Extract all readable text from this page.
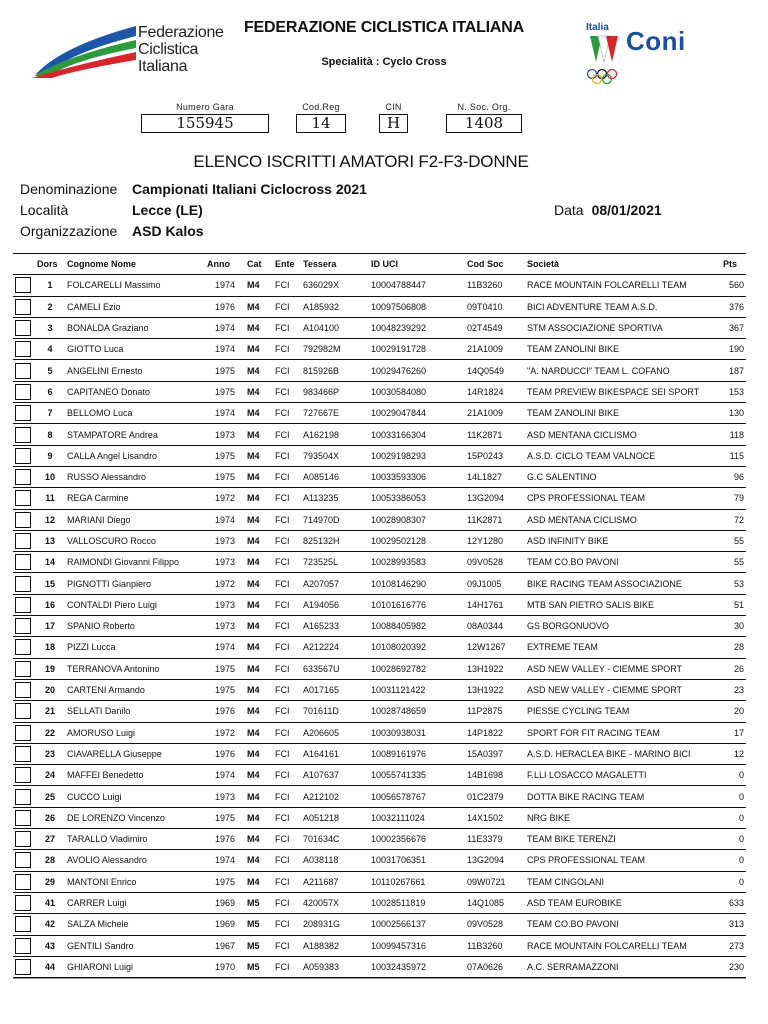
Federazione
Ciclistica
Italiana
FEDERAZIONE CICLISTICA ITALIANA
Specialità : Cyclo Cross
Italia Coni
Numero Gara
155945
Cod.Reg
14
CIN
H
N. Soc. Org.
1408
ELENCO ISCRITTI AMATORI F2-F3-DONNE
Denominazione Campionati Italiani Ciclocross 2021
Località	Lecce (LE)	Data 08/01/2021
Organizzazione ASD Kalos
	Dors	Cognome Nome	Anno	Cat	Ente	Tessera	ID UCI	Cod Soc	Società	Pts

	1	FOLCARELLI Massimo	1974	M4	FCI	636029X	10004788447	11B3260	RACE MOUNTAIN FOLCARELLI TEAM	560

	2	CAMELI Ezio	1976	M4	FCI	A185932	10097506808	09T0410	BICI ADVENTURE TEAM A.S.D.	376

	3	BONALDA Graziano	1974	M4	FCI	A104100	10048239292	02T4549	STM ASSOCIAZIONE SPORTIVA	367

	4	GIOTTO Luca	1974	M4	FCI	792982M	10029191728	21A1009	TEAM ZANOLINI BIKE	190

	5	ANGELINI Ernesto	1975	M4	FCI	815926B	10029476260	14Q0549	"A. NARDUCCI" TEAM L. COFANO	187

	6	CAPITANEO Donato	1975	M4	FCI	983466P	10030584080	14R1824	TEAM PREVIEW BIKESPACE SEI SPORT	153

	7	BELLOMO Luca	1974	M4	FCI	727667E	10029047844	21A1009	TEAM ZANOLINI BIKE	130

	8	STAMPATORE Andrea	1973	M4	FCI	A162198	10033166304	11K2871	ASD MENTANA CICLISMO	118

	9	CALLA Angel Lisandro	1975	M4	FCI	793504X	10029198293	15P0243	A.S.D. CICLO TEAM VALNOCE	115

	10	RUSSO Alessandro	1975	M4	FCI	A085146	10033593306	14L1827	G.C SALENTINO	96

	11	REGA Carmine	1972	M4	FCI	A113235	10053386053	13G2094	CPS PROFESSIONAL TEAM	79

	12	MARIANI Diego	1974	M4	FCI	714970D	10028908307	11K2871	ASD MENTANA CICLISMO	72

	13	VALLOSCURO Rocco	1973	M4	FCI	825132H	10029502128	12Y1280	ASD INFINITY BIKE	55

	14	RAIMONDI Giovanni Filippo	1973	M4	FCI	723525L	10028993583	09V0528	TEAM CO.BO PAVONI	55

	15	PIGNOTTI Gianpiero	1972	M4	FCI	A207057	10108146290	09J1005	BIKE RACING TEAM ASSOCIAZIONE	53

	16	CONTALDI Piero Luigi	1973	M4	FCI	A194056	10101616776	14H1761	MTB SAN PIETRO SALIS BIKE	51

	17	SPANIO Roberto	1973	M4	FCI	A165233	10088405982	08A0344	GS BORGONUOVO	30

	18	PIZZI Lucca	1974	M4	FCI	A212224	10108020392	12W1267	EXTREME TEAM	28

	19	TERRANOVA Antonino	1975	M4	FCI	633567U	10028692782	13H1922	ASD NEW VALLEY - CIEMME SPORT	26

	20	CARTENI Armando	1975	M4	FCI	A017165	10031121422	13H1922	ASD NEW VALLEY - CIEMME SPORT	23

	21	SELLATI Danilo	1976	M4	FCI	701611D	10028748659	11P2875	PIESSE CYCLING TEAM	20

	22	AMORUSO Luigi	1972	M4	FCI	A206605	10030938031	14P1822	SPORT FOR FIT RACING TEAM	17

	23	CIAVARELLA Giuseppe	1976	M4	FCI	A164161	10089161976	15A0397	A.S.D. HERACLEA BIKE - MARINO BICI	12

	24	MAFFEI Benedetto	1974	M4	FCI	A107637	10055741335	14B1698	F.LLI LOSACCO MAGALETTI	0

	25	CUCCO Luigi	1973	M4	FCI	A212102	10056578767	01C2379	DOTTA BIKE RACING TEAM	0

	26	DE LORENZO Vincenzo	1975	M4	FCI	A051218	10032111024	14X1502	NRG BIKE	0

	27	TARALLO Vladimiro	1976	M4	FCI	701634C	10002356676	11E3379	TEAM BIKE TERENZI	0

	28	AVOLIO Alessandro	1974	M4	FCI	A038118	10031706351	13G2094	CPS PROFESSIONAL TEAM	0

	29	MANTONI Enrico	1975	M4	FCI	A211687	10110267661	09W0721	TEAM CINGOLANI	0

	41	CARRER Luigi	1969	M5	FCI	420057X	10028511819	14Q1085	ASD TEAM EUROBIKE	633

	42	SALZA Michele	1969	M5	FCI	208931G	10002566137	09V0528	TEAM CO.BO PAVONI	313

	43	GENTILI Sandro	1967	M5	FCI	A188382	10099457316	11B3260	RACE MOUNTAIN FOLCARELLI TEAM	273

	44	GHIARONI Luigi	1970	M5	FCI	A059383	10032435972	07A0626	A.C. SERRAMAZZONI	230
